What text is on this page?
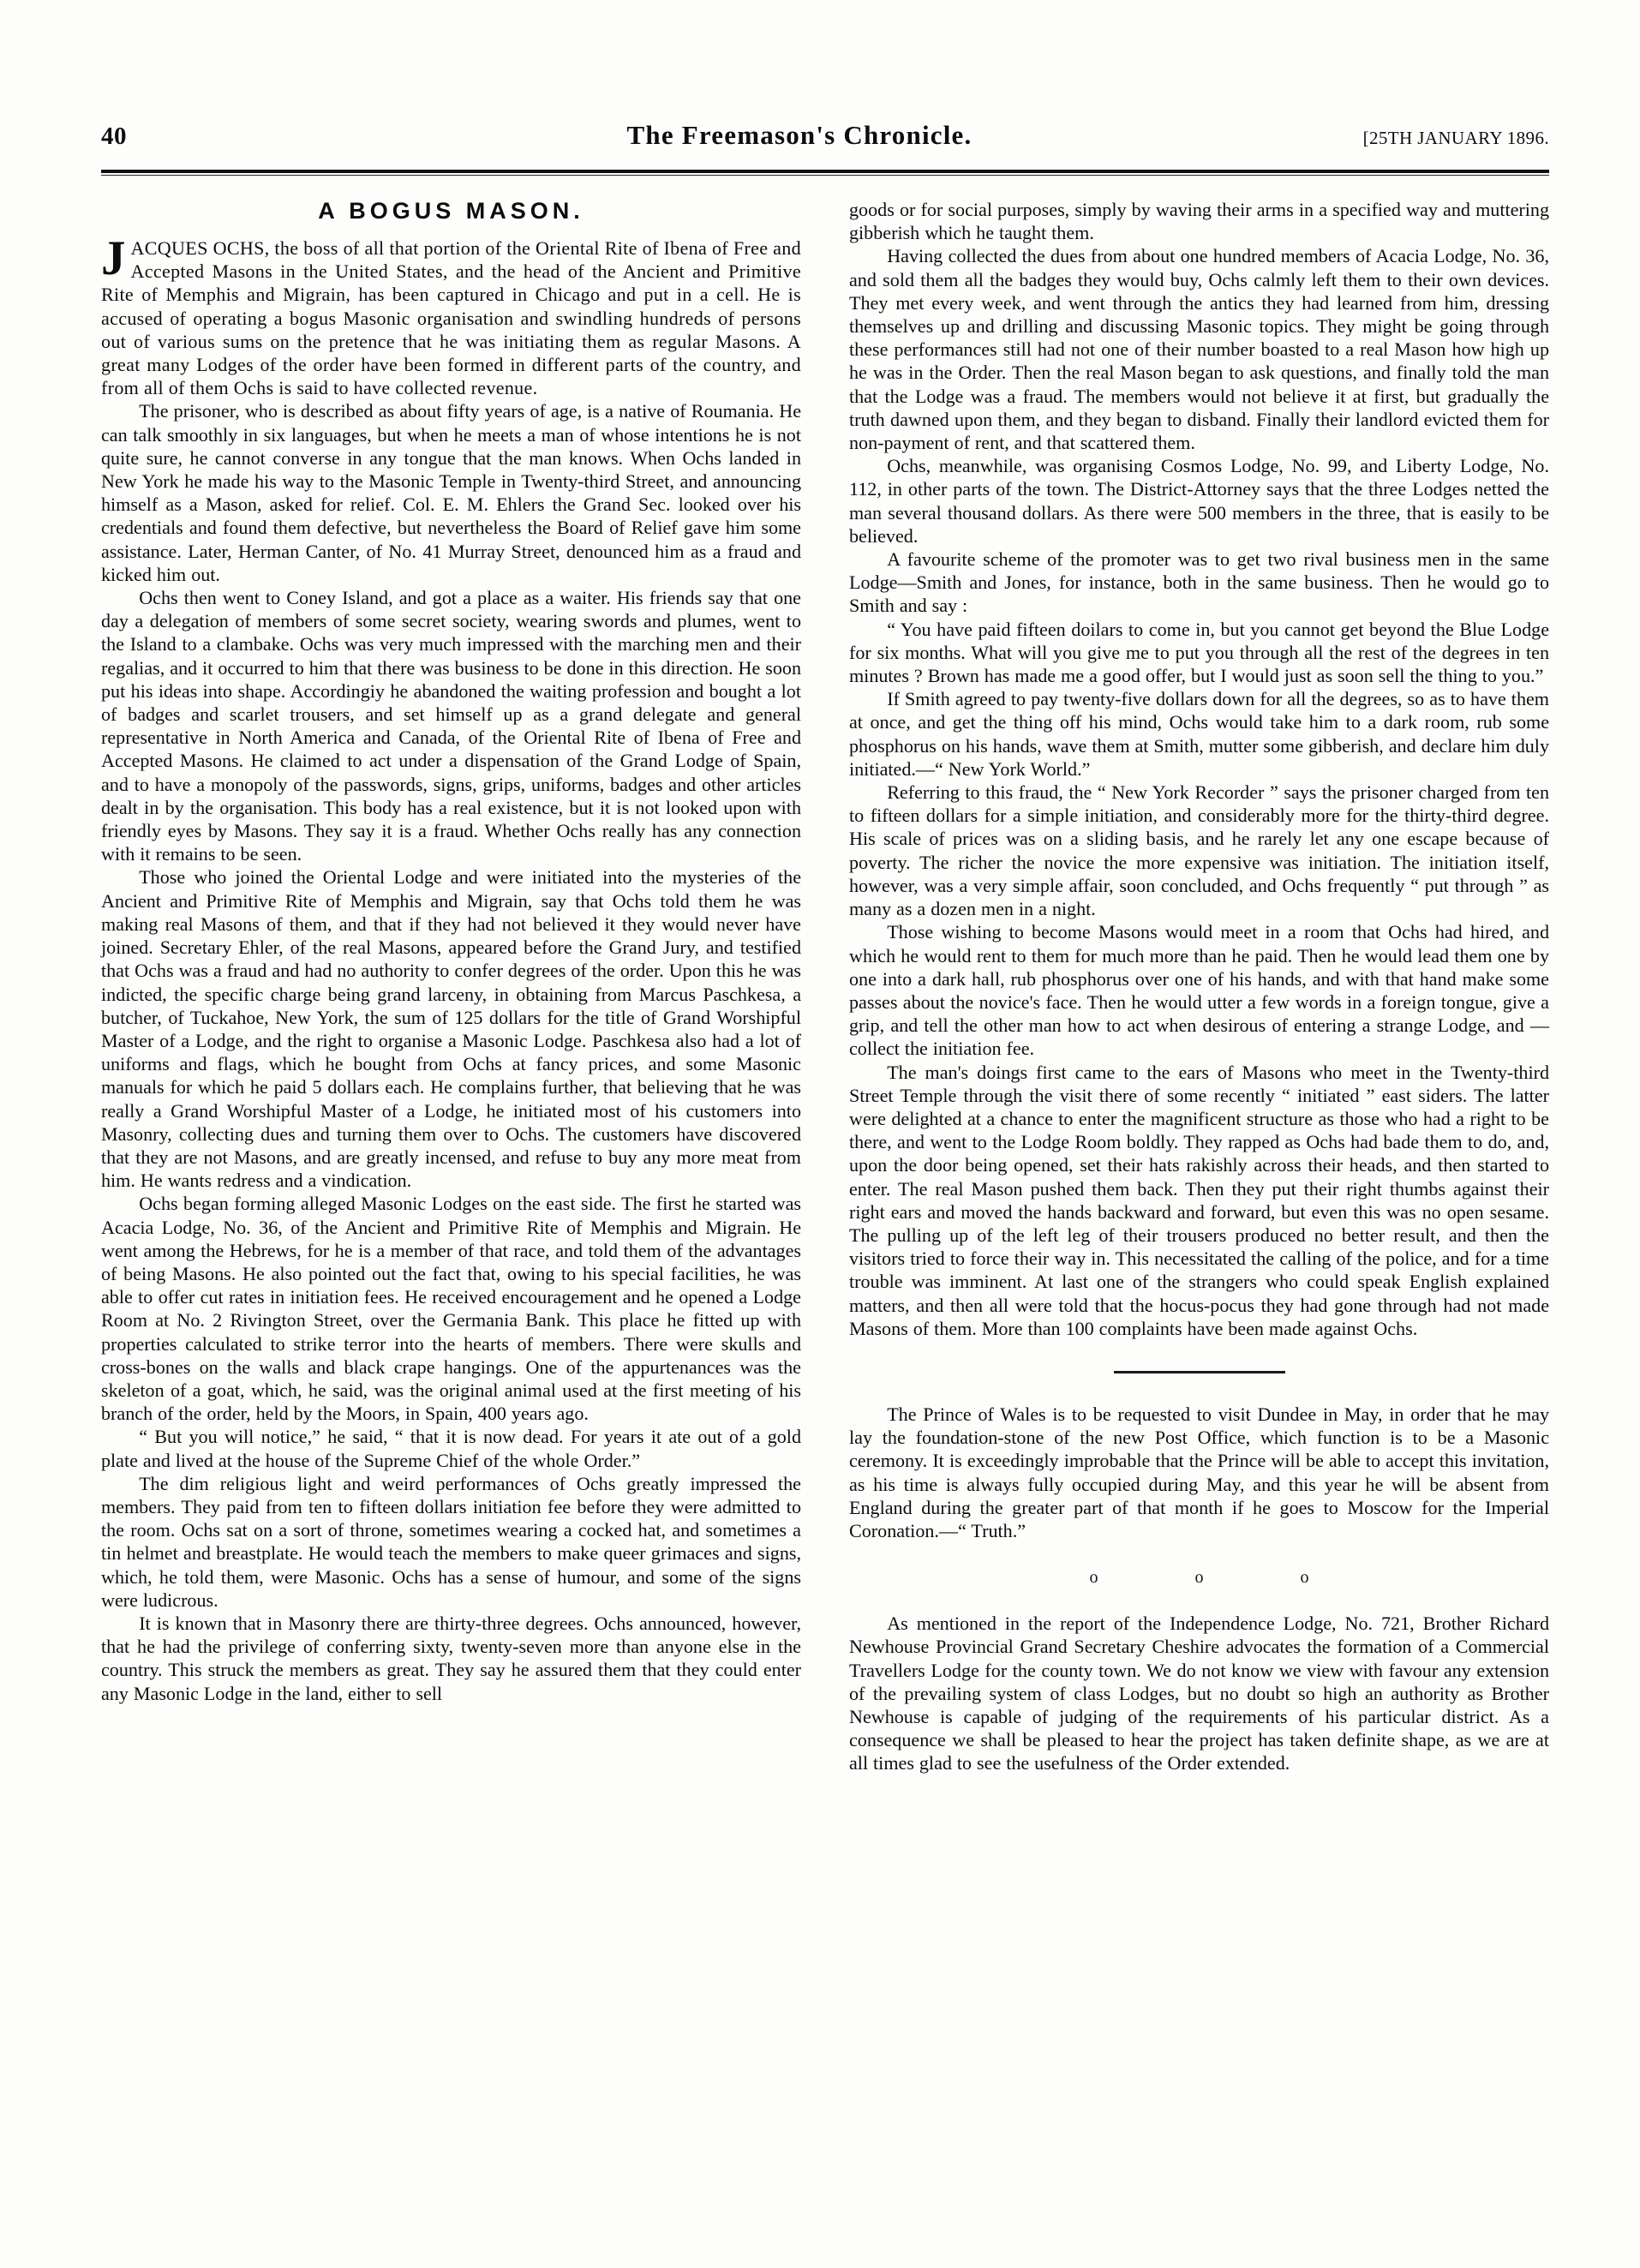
40	The Freemason's Chronicle.	[25TH JANUARY 1896.
A BOGUS MASON.

JACQUES OCHS, the boss of all that portion of the Oriental Rite of Ibena of Free and Accepted Masons in the United States, and the head of the Ancient and Primitive Rite of Memphis and Migrain, has been captured in Chicago and put in a cell. He is accused of operating a bogus Masonic organisation and swindling hundreds of persons out of various sums on the pretence that he was initiating them as regular Masons. A great many Lodges of the order have been formed in different parts of the country, and from all of them Ochs is said to have collected revenue.

The prisoner, who is described as about fifty years of age, is a native of Roumania. He can talk smoothly in six languages, but when he meets a man of whose intentions he is not quite sure, he cannot converse in any tongue that the man knows. When Ochs landed in New York he made his way to the Masonic Temple in Twenty-third Street, and announcing himself as a Mason, asked for relief. Col. E. M. Ehlers the Grand Sec. looked over his credentials and found them defective, but nevertheless the Board of Relief gave him some assistance. Later, Herman Canter, of No. 41 Murray Street, denounced him as a fraud and kicked him out.

Ochs then went to Coney Island, and got a place as a waiter. His friends say that one day a delegation of members of some secret society, wearing swords and plumes, went to the Island to a clambake. Ochs was very much impressed with the marching men and their regalias, and it occurred to him that there was business to be done in this direction. He soon put his ideas into shape. Accordingiy he abandoned the waiting profession and bought a lot of badges and scarlet trousers, and set himself up as a grand delegate and general representative in North America and Canada, of the Oriental Rite of Ibena of Free and Accepted Masons. He claimed to act under a dispensation of the Grand Lodge of Spain, and to have a monopoly of the passwords, signs, grips, uniforms, badges and other articles dealt in by the organisation. This body has a real existence, but it is not looked upon with friendly eyes by Masons. They say it is a fraud. Whether Ochs really has any connection with it remains to be seen.

Those who joined the Oriental Lodge and were initiated into the mysteries of the Ancient and Primitive Rite of Memphis and Migrain, say that Ochs told them he was making real Masons of them, and that if they had not believed it they would never have joined. Secretary Ehler, of the real Masons, appeared before the Grand Jury, and testified that Ochs was a fraud and had no authority to confer degrees of the order. Upon this he was indicted, the specific charge being grand larceny, in obtaining from Marcus Paschkesa, a butcher, of Tuckahoe, New York, the sum of 125 dollars for the title of Grand Worshipful Master of a Lodge, and the right to organise a Masonic Lodge. Paschkesa also had a lot of uniforms and flags, which he bought from Ochs at fancy prices, and some Masonic manuals for which he paid 5 dollars each. He complains further, that believing that he was really a Grand Worshipful Master of a Lodge, he initiated most of his customers into Masonry, collecting dues and turning them over to Ochs. The customers have discovered that they are not Masons, and are greatly incensed, and refuse to buy any more meat from him. He wants redress and a vindication.

Ochs began forming alleged Masonic Lodges on the east side. The first he started was Acacia Lodge, No. 36, of the Ancient and Primitive Rite of Memphis and Migrain. He went among the Hebrews, for he is a member of that race, and told them of the advantages of being Masons. He also pointed out the fact that, owing to his special facilities, he was able to offer cut rates in initiation fees. He received encouragement and he opened a Lodge Room at No. 2 Rivington Street, over the Germania Bank. This place he fitted up with properties calculated to strike terror into the hearts of members. There were skulls and cross-bones on the walls and black crape hangings. One of the appurtenances was the skeleton of a goat, which, he said, was the original animal used at the first meeting of his branch of the order, held by the Moors, in Spain, 400 years ago.

“ But you will notice,” he said, “ that it is now dead. For years it ate out of a gold plate and lived at the house of the Supreme Chief of the whole Order.”

The dim religious light and weird performances of Ochs greatly impressed the members. They paid from ten to fifteen dollars initiation fee before they were admitted to the room. Ochs sat on a sort of throne, sometimes wearing a cocked hat, and sometimes a tin helmet and breastplate. He would teach the members to make queer grimaces and signs, which, he told them, were Masonic. Ochs has a sense of humour, and some of the signs were ludicrous.

It is known that in Masonry there are thirty-three degrees. Ochs announced, however, that he had the privilege of conferring sixty, twenty-seven more than anyone else in the country. This struck the members as great. They say he assured them that they could enter any Masonic Lodge in the land, either to sell

goods or for social purposes, simply by waving their arms in a specified way and muttering gibberish which he taught them.

Having collected the dues from about one hundred members of Acacia Lodge, No. 36, and sold them all the badges they would buy, Ochs calmly left them to their own devices. They met every week, and went through the antics they had learned from him, dressing themselves up and drilling and discussing Masonic topics. They might be going through these performances still had not one of their number boasted to a real Mason how high up he was in the Order. Then the real Mason began to ask questions, and finally told the man that the Lodge was a fraud. The members would not believe it at first, but gradually the truth dawned upon them, and they began to disband. Finally their landlord evicted them for non-payment of rent, and that scattered them.

Ochs, meanwhile, was organising Cosmos Lodge, No. 99, and Liberty Lodge, No. 112, in other parts of the town. The District-Attorney says that the three Lodges netted the man several thousand dollars. As there were 500 members in the three, that is easily to be believed.

A favourite scheme of the promoter was to get two rival business men in the same Lodge—Smith and Jones, for instance, both in the same business. Then he would go to Smith and say :

“ You have paid fifteen doilars to come in, but you cannot get beyond the Blue Lodge for six months. What will you give me to put you through all the rest of the degrees in ten minutes ? Brown has made me a good offer, but I would just as soon sell the thing to you.”

If Smith agreed to pay twenty-five dollars down for all the degrees, so as to have them at once, and get the thing off his mind, Ochs would take him to a dark room, rub some phosphorus on his hands, wave them at Smith, mutter some gibberish, and declare him duly initiated.—“ New York World.”

Referring to this fraud, the “ New York Recorder ” says the prisoner charged from ten to fifteen dollars for a simple initiation, and considerably more for the thirty-third degree. His scale of prices was on a sliding basis, and he rarely let any one escape because of poverty. The richer the novice the more expensive was initiation. The initiation itself, however, was a very simple affair, soon concluded, and Ochs frequently “ put through ” as many as a dozen men in a night.

Those wishing to become Masons would meet in a room that Ochs had hired, and which he would rent to them for much more than he paid. Then he would lead them one by one into a dark hall, rub phosphorus over one of his hands, and with that hand make some passes about the novice's face. Then he would utter a few words in a foreign tongue, give a grip, and tell the other man how to act when desirous of entering a strange Lodge, and —collect the initiation fee.

The man's doings first came to the ears of Masons who meet in the Twenty-third Street Temple through the visit there of some recently “ initiated ” east siders. The latter were delighted at a chance to enter the magnificent structure as those who had a right to be there, and went to the Lodge Room boldly. They rapped as Ochs had bade them to do, and, upon the door being opened, set their hats rakishly across their heads, and then started to enter. The real Mason pushed them back. Then they put their right thumbs against their right ears and moved the hands backward and forward, but even this was no open sesame. The pulling up of the left leg of their trousers produced no better result, and then the visitors tried to force their way in. This necessitated the calling of the police, and for a time trouble was imminent. At last one of the strangers who could speak English explained matters, and then all were told that the hocus-pocus they had gone through had not made Masons of them. More than 100 complaints have been made against Ochs.

The Prince of Wales is to be requested to visit Dundee in May, in order that he may lay the foundation-stone of the new Post Office, which function is to be a Masonic ceremony. It is exceedingly improbable that the Prince will be able to accept this invitation, as his time is always fully occupied during May, and this year he will be absent from England during the greater part of that month if he goes to Moscow for the Imperial Coronation.—“ Truth.”

o o o

As mentioned in the report of the Independence Lodge, No. 721, Brother Richard Newhouse Provincial Grand Secretary Cheshire advocates the formation of a Commercial Travellers Lodge for the county town. We do not know we view with favour any extension of the prevailing system of class Lodges, but no doubt so high an authority as Brother Newhouse is capable of judging of the requirements of his particular district. As a consequence we shall be pleased to hear the project has taken definite shape, as we are at all times glad to see the usefulness of the Order extended.
